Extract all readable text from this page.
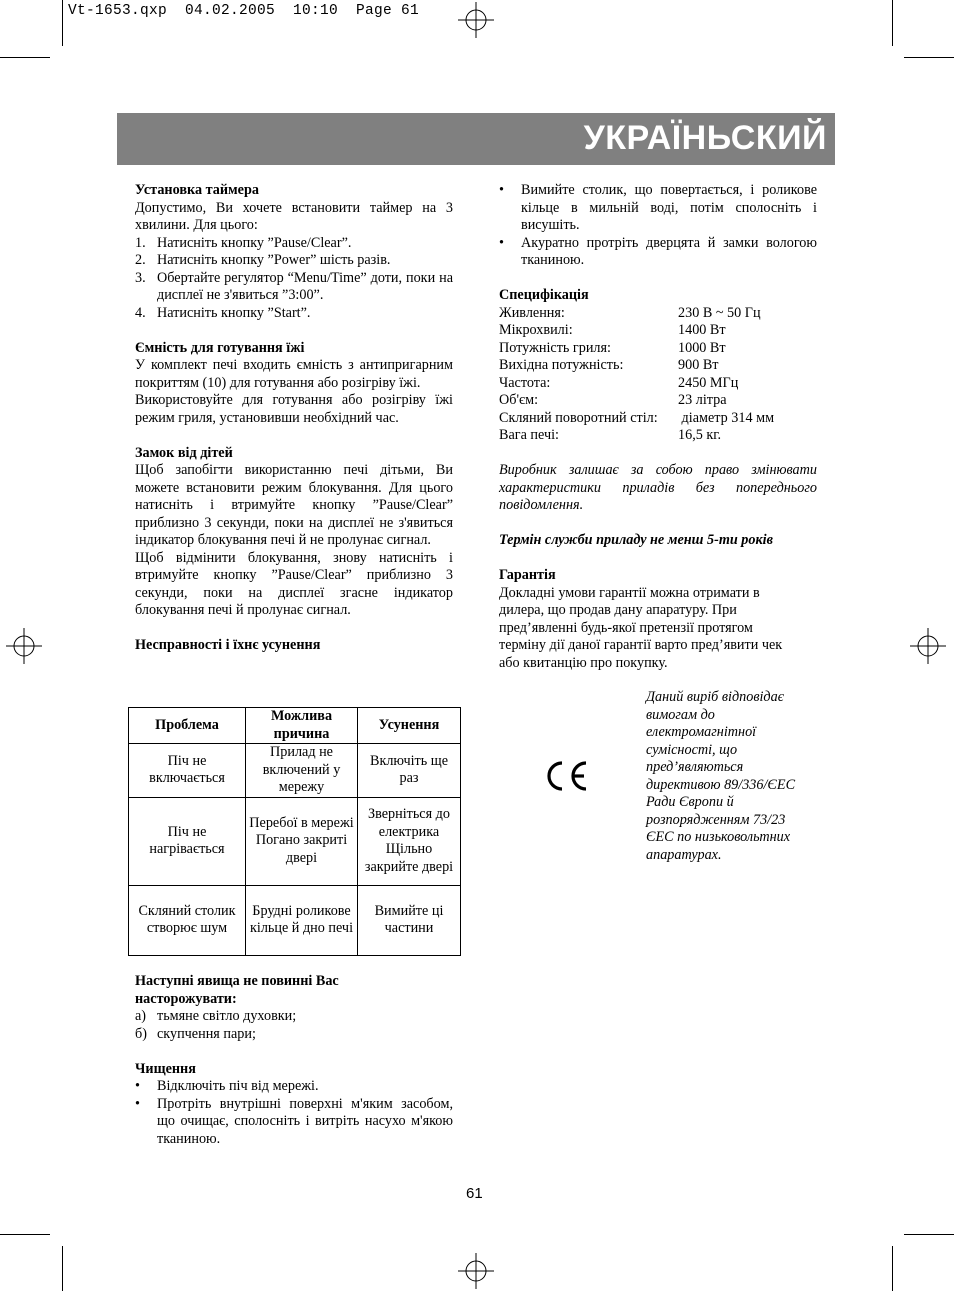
Vt-1653.qxp  04.02.2005  10:10  Page 61
УКРАЇНЬСКИЙ

Установка таймера

Допустимо, Ви хочете встановити таймер на 3 хвилини. Для цього:

1. Натисніть кнопку ”Pause/Clear”.
2. Натисніть кнопку ”Power” шість разів.
3. Обертайте регулятор “Menu/Time” доти, поки на дисплеї не з'явиться ”3:00”.
4. Натисніть кнопку ”Start”.

Ємність для готування їжі

У комплект печі входить ємність з антипригарним покриттям (10) для готування або розігріву їжі.

Використовуйте для готування або розігріву їжі режим гриля, установивши необхідний час.

Замок від дітей

Щоб запобігти використанню печі дітьми, Ви можете встановити режим блокування. Для цього натисніть і втримуйте кнопку ”Pause/Clear” приблизно 3 секунди, поки на дисплеї не з'явиться індикатор блокування печі й не пролунає сигнал.

Щоб відмінити блокування, знову натисніть і втримуйте кнопку ”Pause/Clear” приблизно 3 секунди, поки на дисплеї згасне індикатор блокування печі й пролунає сигнал.

Несправності і їхнє усунення

Проблема	Можлива причина	Усунення
Піч не включається	Прилад не включений у мережу	Включіть ще раз
Піч не нагрівається	Перебої в мережі Погано закриті двері	Зверніться до електрика Щільно закрийте двері
Скляний столик створює шум	Брудні роликове кільце й дно печі	Вимийте ці частини

Наступні явища не повинні Вас насторожувати:

а) тьмяне світло духовки;
б) скупчення пари;

Чищення

• Відключіть піч від мережі.
• Протріть внутрішні поверхні м'яким засобом, що очищає, сполосніть і витріть насухо м'якою тканиною.
• Вимийте столик, що повертається, і роликове кільце в мильній воді, потім сполосніть і висушіть.
• Акуратно протріть дверцята й замки вологою тканиною.

Специфікація

Живлення:	230 В ~ 50 Гц
Мікрохвилі:	1400 Вт
Потужність гриля:	1000 Вт
Вихідна потужність:	900 Вт
Частота:	2450 МГц
Об'єм:	23 літра
Скляний поворотний стіл:	діаметр 314 мм
Вага печі:	16,5 кг.

Виробник залишає за собою право змінювати характеристики приладів без попереднього повідомлення.

Термін служби приладу не менш 5-ти років

Гарантія

Докладні умови гарантії можна отримати в

дилера, що продав дану апаратуру. При

пред’явленні будь-якої претензії протягом

терміну дії даної гарантії варто пред’явити чек

або квитанцію про покупку.

Даний виріб відповідає

вимогам до

електромагнітної

сумісності, що

пред’являються

директивою 89/336/ЄЕС

Ради Європи й

розпорядженням 73/23

ЄЕС по низьковольтних

апаратурах.

61
